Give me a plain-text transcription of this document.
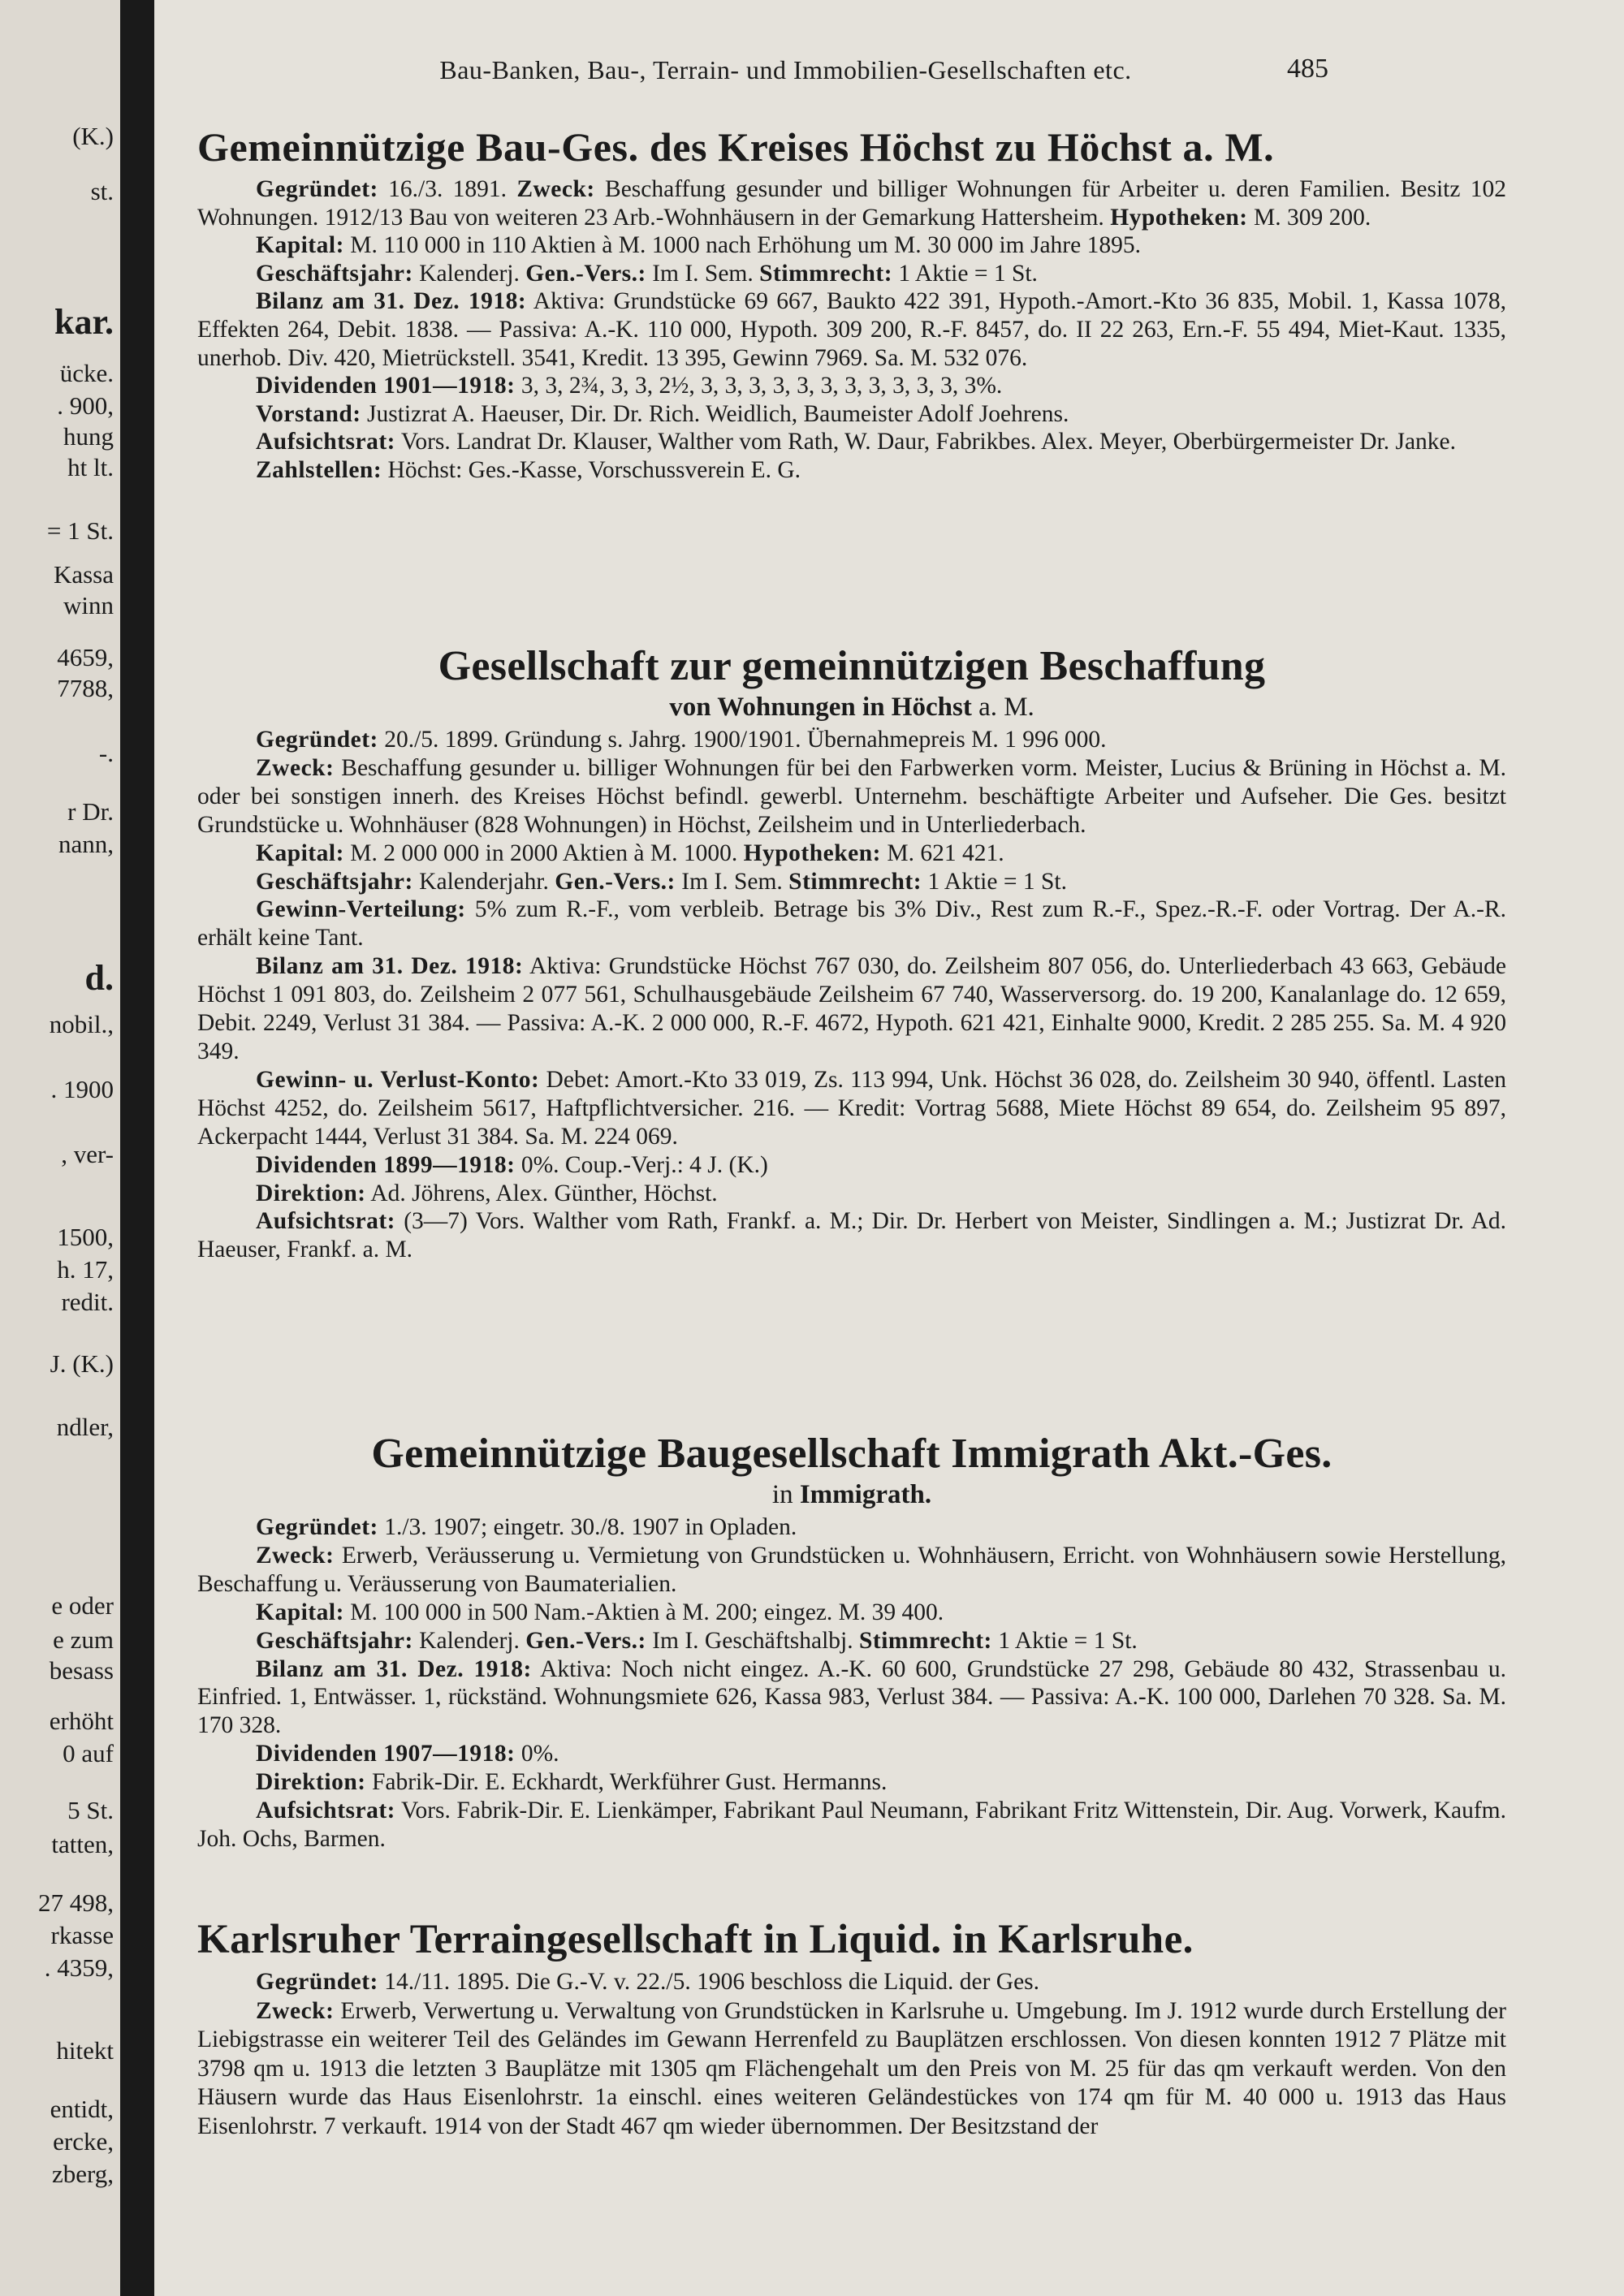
(K.)
st.
kar.
ücke.
. 900,
hung
ht lt.
= 1 St.
Kassa
winn
4659,
7788,
-.
r Dr.
nann,
d.
nobil.,
. 1900
, ver-
1500,
h. 17,
redit.
J. (K.)
ndler,
e oder
e zum
besass
erhöht
0 auf
5 St.
tatten,
27 498,
rkasse
. 4359,
hitekt
entidt,
ercke,
zberg,
Bau-Banken, Bau-, Terrain- und Immobilien-Gesellschaften etc.	485
Gemeinnützige Bau-Ges. des Kreises Höchst zu Höchst a. M.

Gegründet: 16./3. 1891. Zweck: Beschaffung gesunder und billiger Wohnungen für Arbeiter u. deren Familien. Besitz 102 Wohnungen. 1912/13 Bau von weiteren 23 Arb.-Wohnhäusern in der Gemarkung Hattersheim. Hypotheken: M. 309 200.

Kapital: M. 110 000 in 110 Aktien à M. 1000 nach Erhöhung um M. 30 000 im Jahre 1895.

Geschäftsjahr: Kalenderj. Gen.-Vers.: Im I. Sem. Stimmrecht: 1 Aktie = 1 St.

Bilanz am 31. Dez. 1918: Aktiva: Grundstücke 69 667, Baukto 422 391, Hypoth.-Amort.-Kto 36 835, Mobil. 1, Kassa 1078, Effekten 264, Debit. 1838. — Passiva: A.-K. 110 000, Hypoth. 309 200, R.-F. 8457, do. II 22 263, Ern.-F. 55 494, Miet-Kaut. 1335, unerhob. Div. 420, Mietrückstell. 3541, Kredit. 13 395, Gewinn 7969. Sa. M. 532 076.

Dividenden 1901—1918: 3, 3, 2¾, 3, 3, 2½, 3, 3, 3, 3, 3, 3, 3, 3, 3, 3, 3, 3%.

Vorstand: Justizrat A. Haeuser, Dir. Dr. Rich. Weidlich, Baumeister Adolf Joehrens.

Aufsichtsrat: Vors. Landrat Dr. Klauser, Walther vom Rath, W. Daur, Fabrikbes. Alex. Meyer, Oberbürgermeister Dr. Janke.

Zahlstellen: Höchst: Ges.-Kasse, Vorschussverein E. G.

Gesellschaft zur gemeinnützigen Beschaffung
von Wohnungen in Höchst a. M.

Gegründet: 20./5. 1899. Gründung s. Jahrg. 1900/1901. Übernahmepreis M. 1 996 000.

Zweck: Beschaffung gesunder u. billiger Wohnungen für bei den Farbwerken vorm. Meister, Lucius & Brüning in Höchst a. M. oder bei sonstigen innerh. des Kreises Höchst befindl. gewerbl. Unternehm. beschäftigte Arbeiter und Aufseher. Die Ges. besitzt Grundstücke u. Wohnhäuser (828 Wohnungen) in Höchst, Zeilsheim und in Unterliederbach.

Kapital: M. 2 000 000 in 2000 Aktien à M. 1000. Hypotheken: M. 621 421.

Geschäftsjahr: Kalenderjahr. Gen.-Vers.: Im I. Sem. Stimmrecht: 1 Aktie = 1 St.

Gewinn-Verteilung: 5% zum R.-F., vom verbleib. Betrage bis 3% Div., Rest zum R.-F., Spez.-R.-F. oder Vortrag. Der A.-R. erhält keine Tant.

Bilanz am 31. Dez. 1918: Aktiva: Grundstücke Höchst 767 030, do. Zeilsheim 807 056, do. Unterliederbach 43 663, Gebäude Höchst 1 091 803, do. Zeilsheim 2 077 561, Schulhausgebäude Zeilsheim 67 740, Wasserversorg. do. 19 200, Kanalanlage do. 12 659, Debit. 2249, Verlust 31 384. — Passiva: A.-K. 2 000 000, R.-F. 4672, Hypoth. 621 421, Einhalte 9000, Kredit. 2 285 255. Sa. M. 4 920 349.

Gewinn- u. Verlust-Konto: Debet: Amort.-Kto 33 019, Zs. 113 994, Unk. Höchst 36 028, do. Zeilsheim 30 940, öffentl. Lasten Höchst 4252, do. Zeilsheim 5617, Haftpflichtversicher. 216. — Kredit: Vortrag 5688, Miete Höchst 89 654, do. Zeilsheim 95 897, Ackerpacht 1444, Verlust 31 384. Sa. M. 224 069.

Dividenden 1899—1918: 0%. Coup.-Verj.: 4 J. (K.)

Direktion: Ad. Jöhrens, Alex. Günther, Höchst.

Aufsichtsrat: (3—7) Vors. Walther vom Rath, Frankf. a. M.; Dir. Dr. Herbert von Meister, Sindlingen a. M.; Justizrat Dr. Ad. Haeuser, Frankf. a. M.

Gemeinnützige Baugesellschaft Immigrath Akt.-Ges.
in Immigrath.

Gegründet: 1./3. 1907; eingetr. 30./8. 1907 in Opladen.

Zweck: Erwerb, Veräusserung u. Vermietung von Grundstücken u. Wohnhäusern, Erricht. von Wohnhäusern sowie Herstellung, Beschaffung u. Veräusserung von Baumaterialien.

Kapital: M. 100 000 in 500 Nam.-Aktien à M. 200; eingez. M. 39 400.

Geschäftsjahr: Kalenderj. Gen.-Vers.: Im I. Geschäftshalbj. Stimmrecht: 1 Aktie = 1 St.

Bilanz am 31. Dez. 1918: Aktiva: Noch nicht eingez. A.-K. 60 600, Grundstücke 27 298, Gebäude 80 432, Strassenbau u. Einfried. 1, Entwässer. 1, rückständ. Wohnungsmiete 626, Kassa 983, Verlust 384. — Passiva: A.-K. 100 000, Darlehen 70 328. Sa. M. 170 328.

Dividenden 1907—1918: 0%.

Direktion: Fabrik-Dir. E. Eckhardt, Werkführer Gust. Hermanns.

Aufsichtsrat: Vors. Fabrik-Dir. E. Lienkämper, Fabrikant Paul Neumann, Fabrikant Fritz Wittenstein, Dir. Aug. Vorwerk, Kaufm. Joh. Ochs, Barmen.

Karlsruher Terraingesellschaft in Liquid. in Karlsruhe.

Gegründet: 14./11. 1895. Die G.-V. v. 22./5. 1906 beschloss die Liquid. der Ges.

Zweck: Erwerb, Verwertung u. Verwaltung von Grundstücken in Karlsruhe u. Umgebung. Im J. 1912 wurde durch Erstellung der Liebigstrasse ein weiterer Teil des Geländes im Gewann Herrenfeld zu Bauplätzen erschlossen. Von diesen konnten 1912 7 Plätze mit 3798 qm u. 1913 die letzten 3 Bauplätze mit 1305 qm Flächengehalt um den Preis von M. 25 für das qm verkauft werden. Von den Häusern wurde das Haus Eisenlohrstr. 1a einschl. eines weiteren Geländestückes von 174 qm für M. 40 000 u. 1913 das Haus Eisenlohrstr. 7 verkauft. 1914 von der Stadt 467 qm wieder übernommen. Der Besitzstand der
